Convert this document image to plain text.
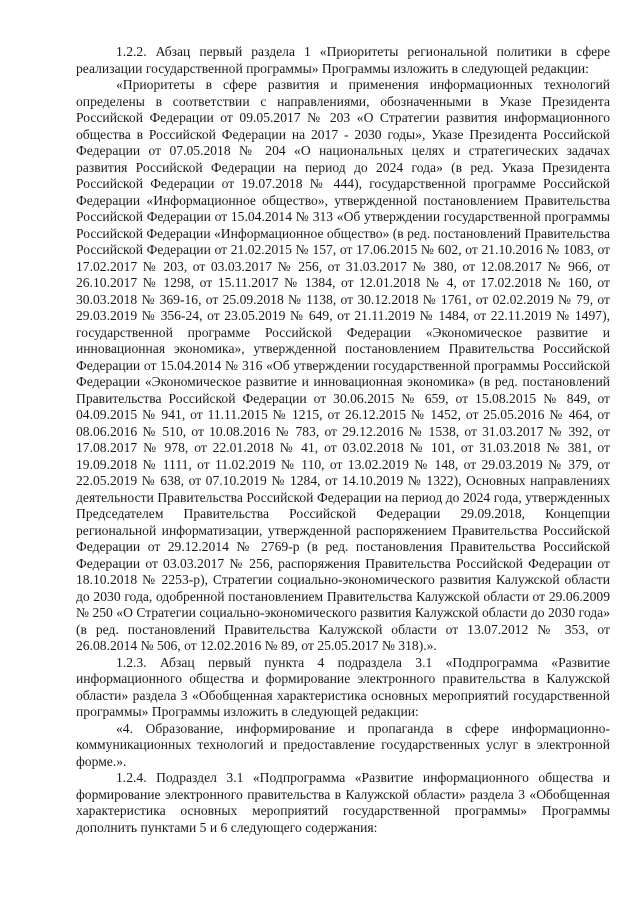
1.2.2. Абзац первый раздела 1 «Приоритеты региональной политики в сфере реализации государственной программы» Программы изложить в следующей редакции:

«Приоритеты в сфере развития и применения информационных технологий определены в соответствии с направлениями, обозначенными в Указе Президента Российской Федерации от 09.05.2017 № 203 «О Стратегии развития информационного общества в Российской Федерации на 2017 - 2030 годы», Указе Президента Российской Федерации от 07.05.2018 № 204 «О национальных целях и стратегических задачах развития Российской Федерации на период до 2024 года» (в ред. Указа Президента Российской Федерации от 19.07.2018 № 444), государственной программе Российской Федерации «Информационное общество», утвержденной постановлением Правительства Российской Федерации от 15.04.2014 № 313 «Об утверждении государственной программы Российской Федерации «Информационное общество» (в ред. постановлений Правительства Российской Федерации от 21.02.2015 № 157, от 17.06.2015 № 602, от 21.10.2016 № 1083, от 17.02.2017 № 203, от 03.03.2017 № 256, от 31.03.2017 № 380, от 12.08.2017 № 966, от 26.10.2017 № 1298, от 15.11.2017 № 1384, от 12.01.2018 № 4, от 17.02.2018 № 160, от 30.03.2018 № 369-16, от 25.09.2018 № 1138, от 30.12.2018 № 1761, от 02.02.2019 № 79, от 29.03.2019 № 356-24, от 23.05.2019 № 649, от 21.11.2019 № 1484, от 22.11.2019 № 1497), государственной программе Российской Федерации «Экономическое развитие и инновационная экономика», утвержденной постановлением Правительства Российской Федерации от 15.04.2014 № 316 «Об утверждении государственной программы Российской Федерации «Экономическое развитие и инновационная экономика» (в ред. постановлений Правительства Российской Федерации от 30.06.2015 № 659, от 15.08.2015 № 849, от 04.09.2015 № 941, от 11.11.2015 № 1215, от 26.12.2015 № 1452, от 25.05.2016 № 464, от 08.06.2016 № 510, от 10.08.2016 № 783, от 29.12.2016 № 1538, от 31.03.2017 № 392, от 17.08.2017 № 978, от 22.01.2018 № 41, от 03.02.2018 № 101, от 31.03.2018 № 381, от 19.09.2018 № 1111, от 11.02.2019 № 110, от 13.02.2019 № 148, от 29.03.2019 № 379, от 22.05.2019 № 638, от 07.10.2019 № 1284, от 14.10.2019 № 1322), Основных направлениях деятельности Правительства Российской Федерации на период до 2024 года, утвержденных Председателем Правительства Российской Федерации 29.09.2018, Концепции региональной информатизации, утвержденной распоряжением Правительства Российской Федерации от 29.12.2014 № 2769-р (в ред. постановления Правительства Российской Федерации от 03.03.2017 № 256, распоряжения Правительства Российской Федерации от 18.10.2018 № 2253-р), Стратегии социально-экономического развития Калужской области до 2030 года, одобренной постановлением Правительства Калужской области от 29.06.2009 № 250 «О Стратегии социально-экономического развития Калужской области до 2030 года» (в ред. постановлений Правительства Калужской области от 13.07.2012 № 353, от 26.08.2014 № 506, от 12.02.2016 № 89, от 25.05.2017 № 318).».

1.2.3. Абзац первый пункта 4 подраздела 3.1 «Подпрограмма «Развитие информационного общества и формирование электронного правительства в Калужской области» раздела 3 «Обобщенная характеристика основных мероприятий государственной программы» Программы изложить в следующей редакции:

«4. Образование, информирование и пропаганда в сфере информационно-коммуникационных технологий и предоставление государственных услуг в электронной форме.».

1.2.4. Подраздел 3.1 «Подпрограмма «Развитие информационного общества и формирование электронного правительства в Калужской области» раздела 3 «Обобщенная характеристика основных мероприятий государственной программы» Программы дополнить пунктами 5 и 6 следующего содержания:
